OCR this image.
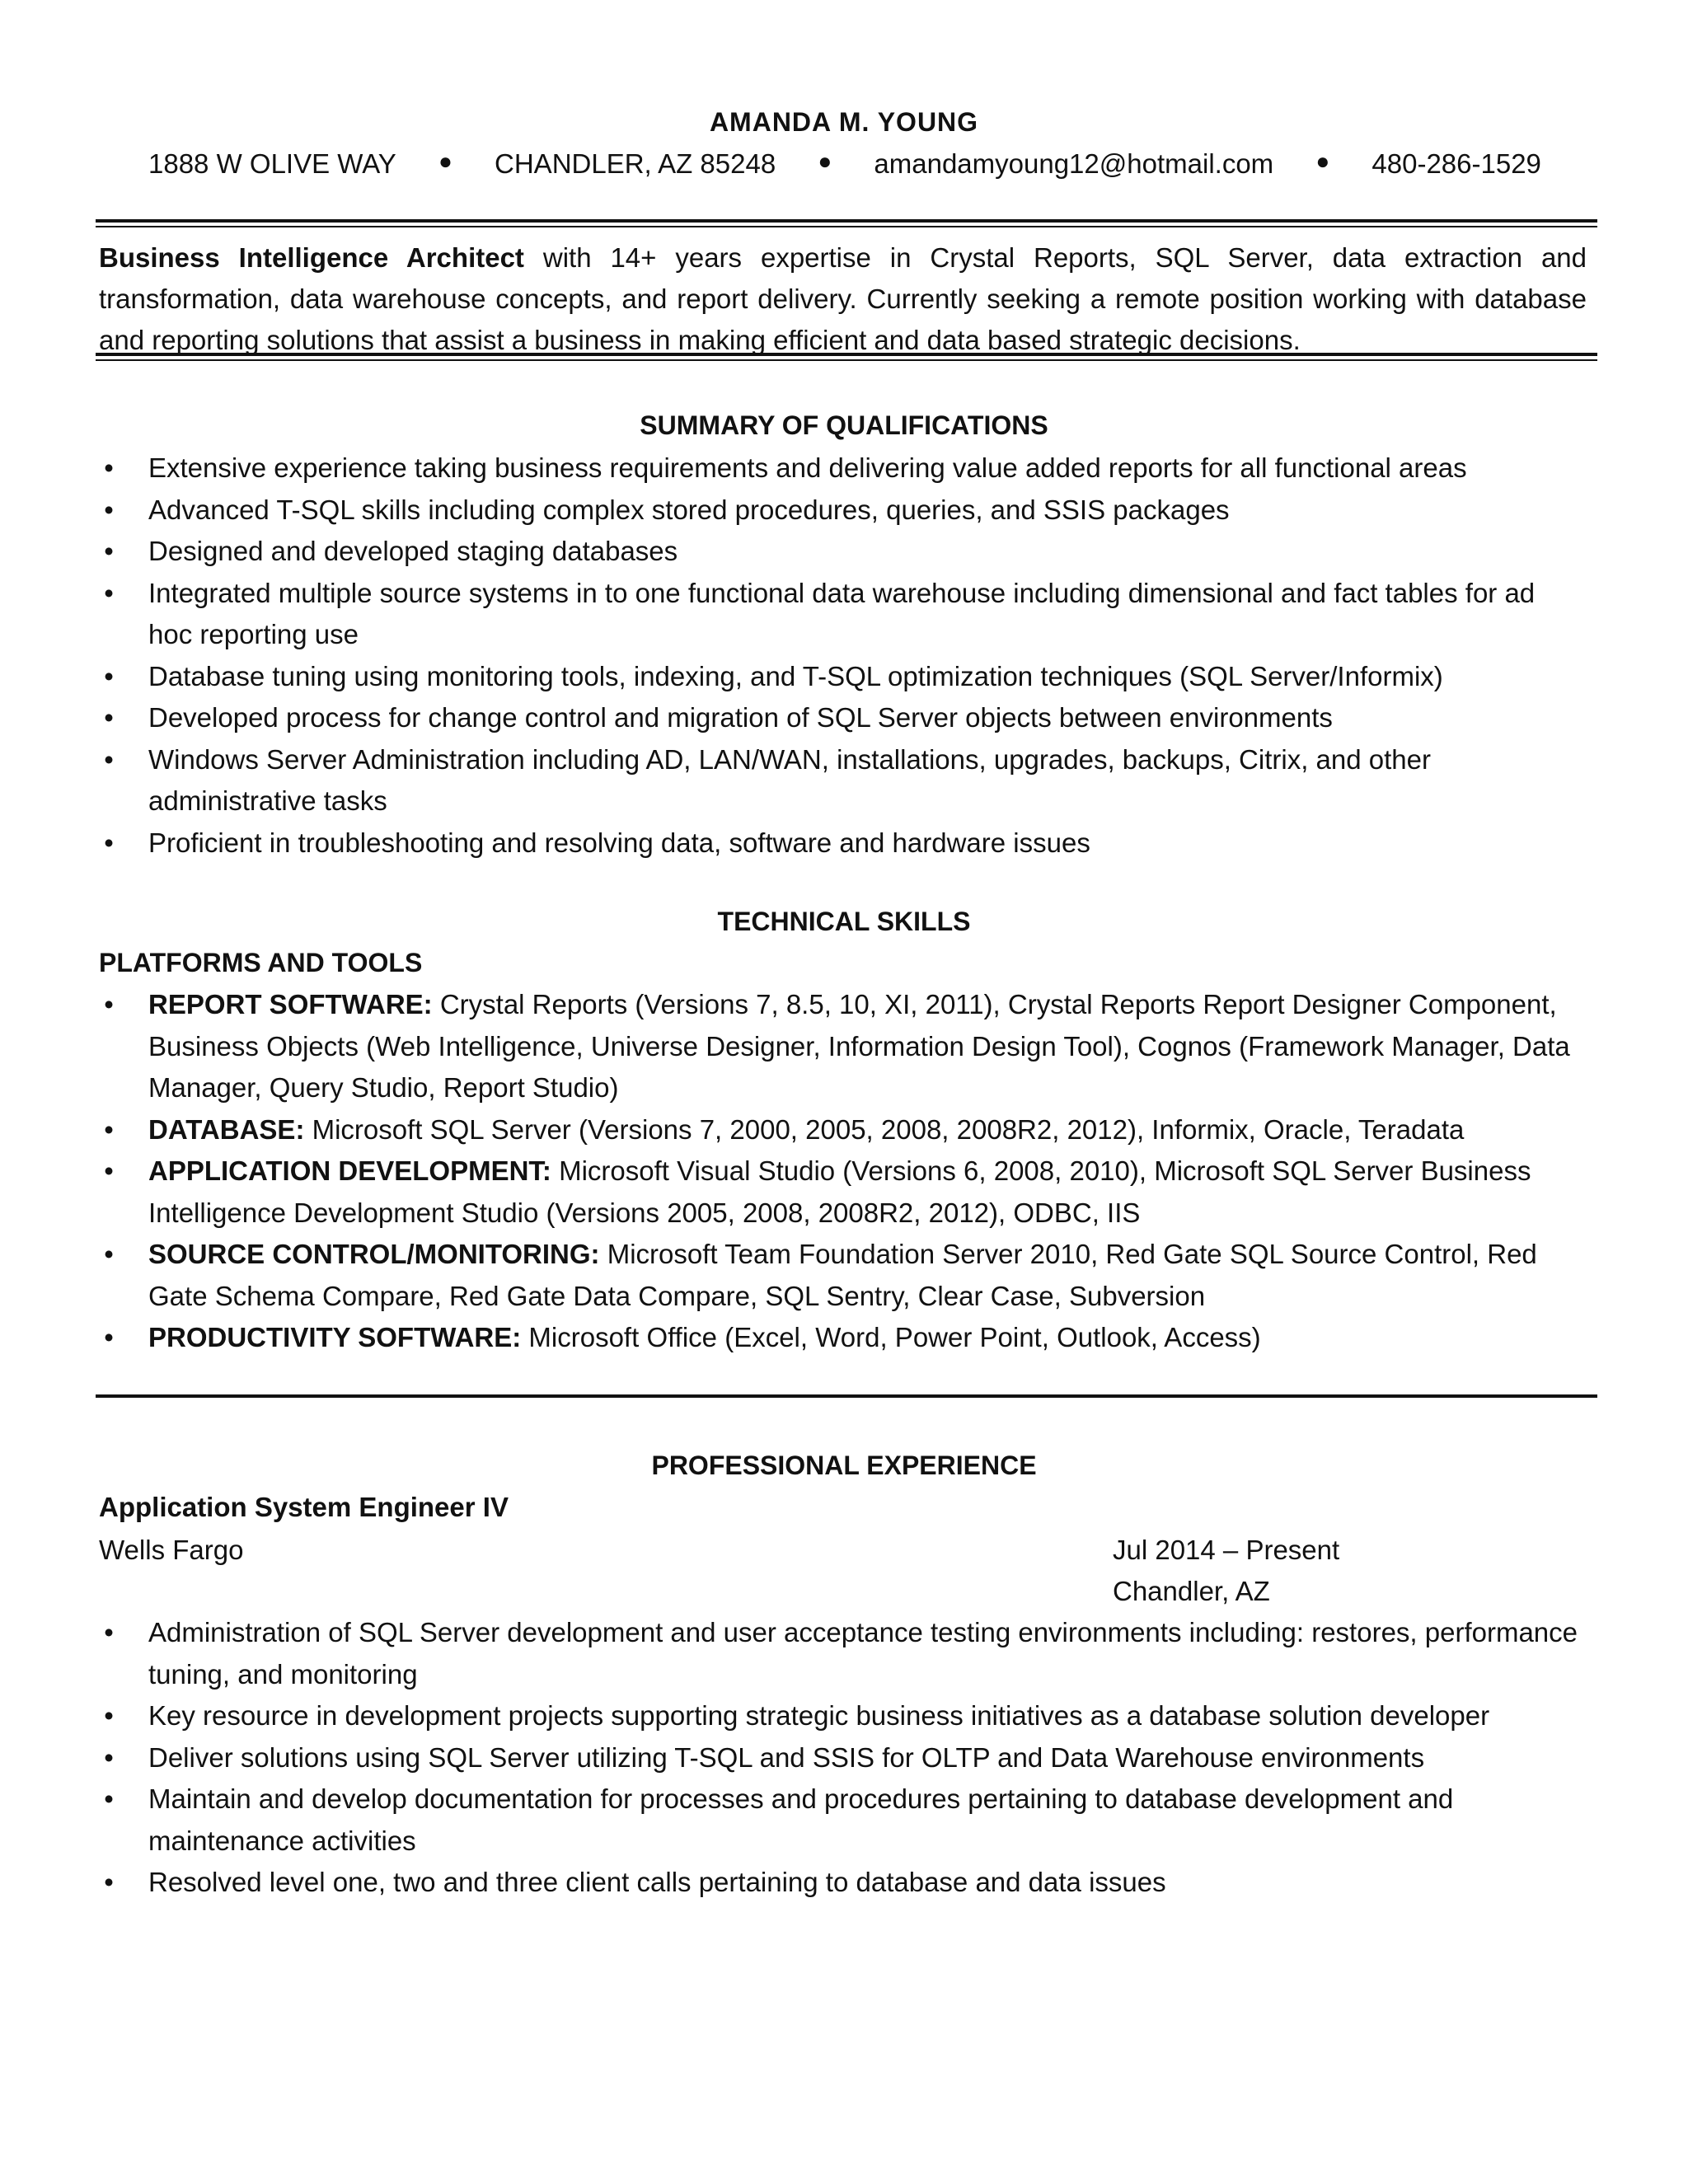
AMANDA M. YOUNG
1888 W OLIVE WAY ● CHANDLER, AZ 85248 ● amandamyoung12@hotmail.com ● 480-286-1529
Business Intelligence Architect with 14+ years expertise in Crystal Reports, SQL Server, data extraction and transformation, data warehouse concepts, and report delivery. Currently seeking a remote position working with database and reporting solutions that assist a business in making efficient and data based strategic decisions.
SUMMARY OF QUALIFICATIONS
• Extensive experience taking business requirements and delivering value added reports for all functional areas
• Advanced T-SQL skills including complex stored procedures, queries, and SSIS packages
• Designed and developed staging databases
• Integrated multiple source systems in to one functional data warehouse including dimensional and fact tables for ad hoc reporting use
• Database tuning using monitoring tools, indexing, and T-SQL optimization techniques (SQL Server/Informix)
• Developed process for change control and migration of SQL Server objects between environments
• Windows Server Administration including AD, LAN/WAN, installations, upgrades, backups, Citrix, and other administrative tasks
• Proficient in troubleshooting and resolving data, software and hardware issues
TECHNICAL SKILLS
PLATFORMS AND TOOLS
• REPORT SOFTWARE: Crystal Reports (Versions 7, 8.5, 10, XI, 2011), Crystal Reports Report Designer Component, Business Objects (Web Intelligence, Universe Designer, Information Design Tool), Cognos (Framework Manager, Data Manager, Query Studio, Report Studio)
• DATABASE: Microsoft SQL Server (Versions 7, 2000, 2005, 2008, 2008R2, 2012), Informix, Oracle, Teradata
• APPLICATION DEVELOPMENT: Microsoft Visual Studio (Versions 6, 2008, 2010), Microsoft SQL Server Business Intelligence Development Studio (Versions 2005, 2008, 2008R2, 2012), ODBC, IIS
• SOURCE CONTROL/MONITORING: Microsoft Team Foundation Server 2010, Red Gate SQL Source Control, Red Gate Schema Compare, Red Gate Data Compare, SQL Sentry, Clear Case, Subversion
• PRODUCTIVITY SOFTWARE: Microsoft Office (Excel, Word, Power Point, Outlook, Access)
PROFESSIONAL EXPERIENCE
Application System Engineer IV
Wells Fargo	Jul 2014 – Present
Chandler, AZ
• Administration of SQL Server development and user acceptance testing environments including: restores, performance tuning, and monitoring
• Key resource in development projects supporting strategic business initiatives as a database solution developer
• Deliver solutions using SQL Server utilizing T-SQL and SSIS for OLTP and Data Warehouse environments
• Maintain and develop documentation for processes and procedures pertaining to database development and maintenance activities
• Resolved level one, two and three client calls pertaining to database and data issues
